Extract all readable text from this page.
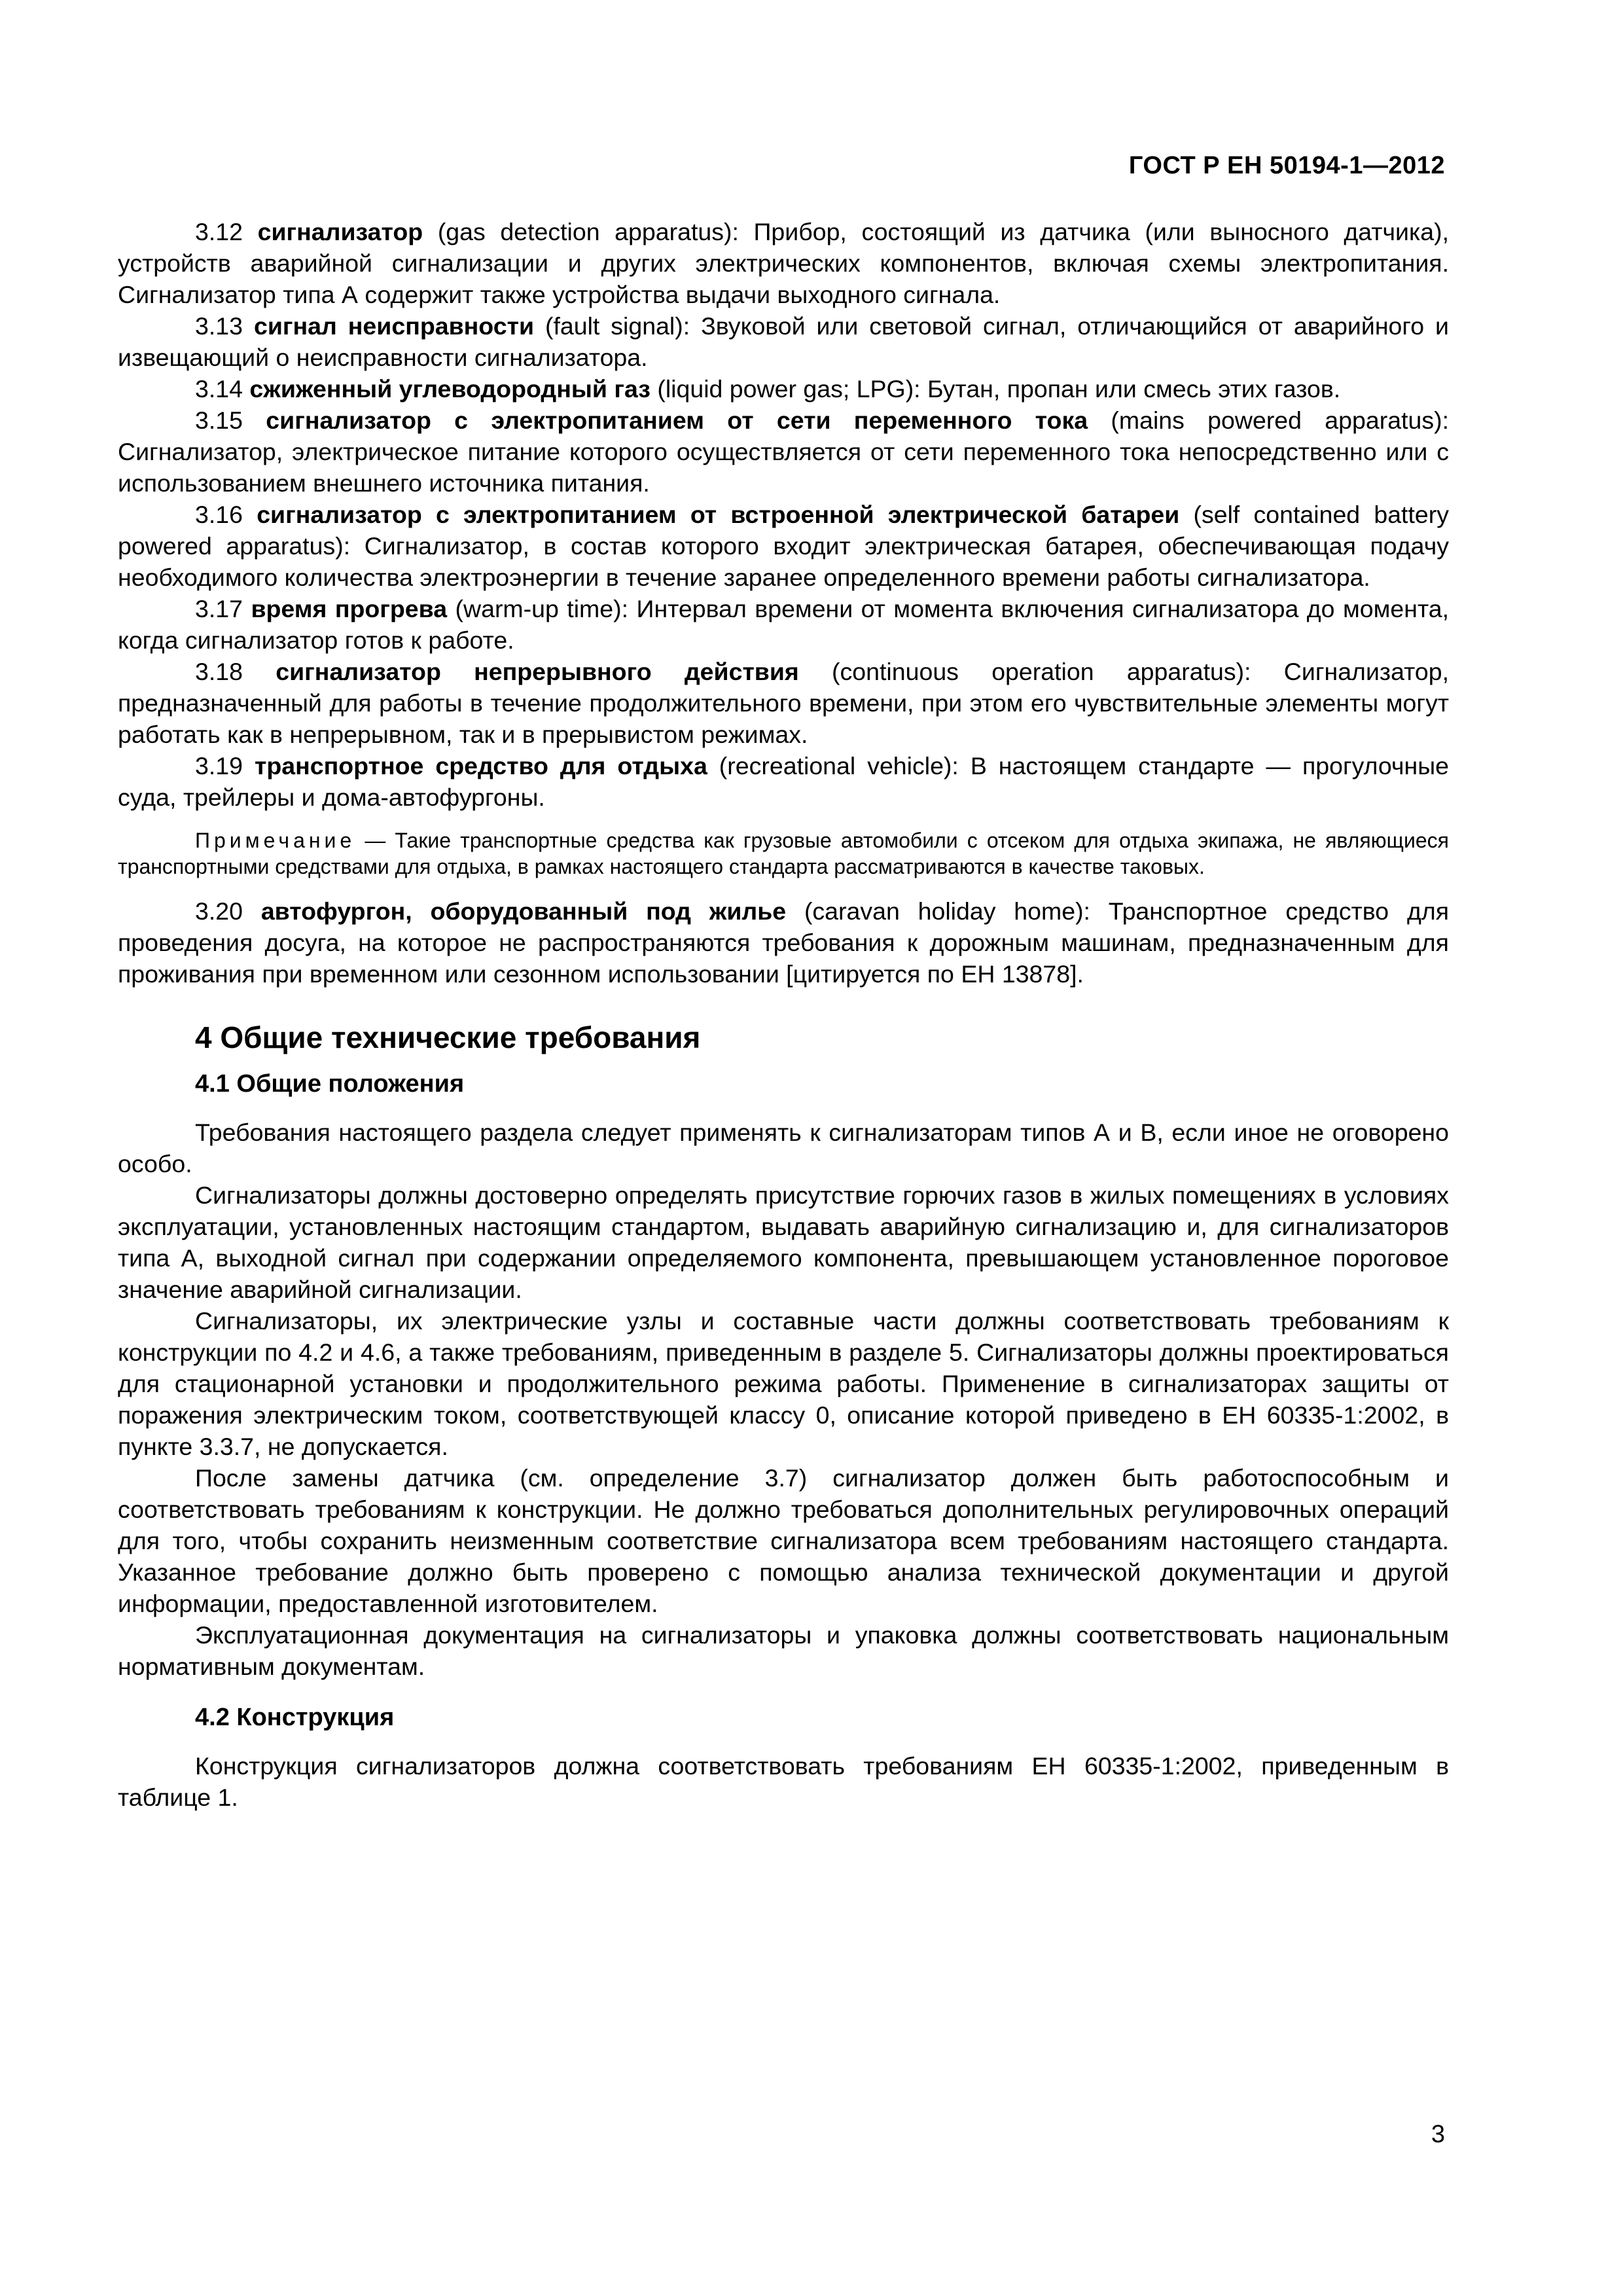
ГОСТ Р ЕН 50194-1—2012

3.12 сигнализатор (gas detection apparatus): Прибор, состоящий из датчика (или выносного датчика), устройств аварийной сигнализации и других электрических компонентов, включая схемы электропитания. Сигнализатор типа А содержит также устройства выдачи выходного сигнала.

3.13 сигнал неисправности (fault signal): Звуковой или световой сигнал, отличающийся от аварийного и извещающий о неисправности сигнализатора.

3.14 сжиженный углеводородный газ (liquid power gas; LPG): Бутан, пропан или смесь этих газов.

3.15 сигнализатор с электропитанием от сети переменного тока (mains powered apparatus): Сигнализатор, электрическое питание которого осуществляется от сети переменного тока непосредственно или с использованием внешнего источника питания.

3.16 сигнализатор с электропитанием от встроенной электрической батареи (self contained battery powered apparatus): Сигнализатор, в состав которого входит электрическая батарея, обеспечивающая подачу необходимого количества электроэнергии в течение заранее определенного времени работы сигнализатора.

3.17 время прогрева (warm-up time): Интервал времени от момента включения сигнализатора до момента, когда сигнализатор готов к работе.

3.18 сигнализатор непрерывного действия (continuous operation apparatus): Сигнализатор, предназначенный для работы в течение продолжительного времени, при этом его чувствительные элементы могут работать как в непрерывном, так и в прерывистом режимах.

3.19 транспортное средство для отдыха (recreational vehicle): В настоящем стандарте — прогулочные суда, трейлеры и дома-автофургоны.

Примечание — Такие транспортные средства как грузовые автомобили с отсеком для отдыха экипажа, не являющиеся транспортными средствами для отдыха, в рамках настоящего стандарта рассматриваются в качестве таковых.

3.20 автофургон, оборудованный под жилье (caravan holiday home): Транспортное средство для проведения досуга, на которое не распространяются требования к дорожным машинам, предназначенным для проживания при временном или сезонном использовании [цитируется по ЕН 13878].

4 Общие технические требования
4.1 Общие положения

Требования настоящего раздела следует применять к сигнализаторам типов А и В, если иное не оговорено особо.

Сигнализаторы должны достоверно определять присутствие горючих газов в жилых помещениях в условиях эксплуатации, установленных настоящим стандартом, выдавать аварийную сигнализацию и, для сигнализаторов типа А, выходной сигнал при содержании определяемого компонента, превышающем установленное пороговое значение аварийной сигнализации.

Сигнализаторы, их электрические узлы и составные части должны соответствовать требованиям к конструкции по 4.2 и 4.6, а также требованиям, приведенным в разделе 5. Сигнализаторы должны проектироваться для стационарной установки и продолжительного режима работы. Применение в сигнализаторах защиты от поражения электрическим током, соответствующей классу 0, описание которой приведено в ЕН 60335-1:2002, в пункте 3.3.7, не допускается.

После замены датчика (см. определение 3.7) сигнализатор должен быть работоспособным и соответствовать требованиям к конструкции. Не должно требоваться дополнительных регулировочных операций для того, чтобы сохранить неизменным соответствие сигнализатора всем требованиям настоящего стандарта. Указанное требование должно быть проверено с помощью анализа технической документации и другой информации, предоставленной изготовителем.

Эксплуатационная документация на сигнализаторы и упаковка должны соответствовать национальным нормативным документам.

4.2 Конструкция

Конструкция сигнализаторов должна соответствовать требованиям ЕН 60335-1:2002, приведенным в таблице 1.

3
